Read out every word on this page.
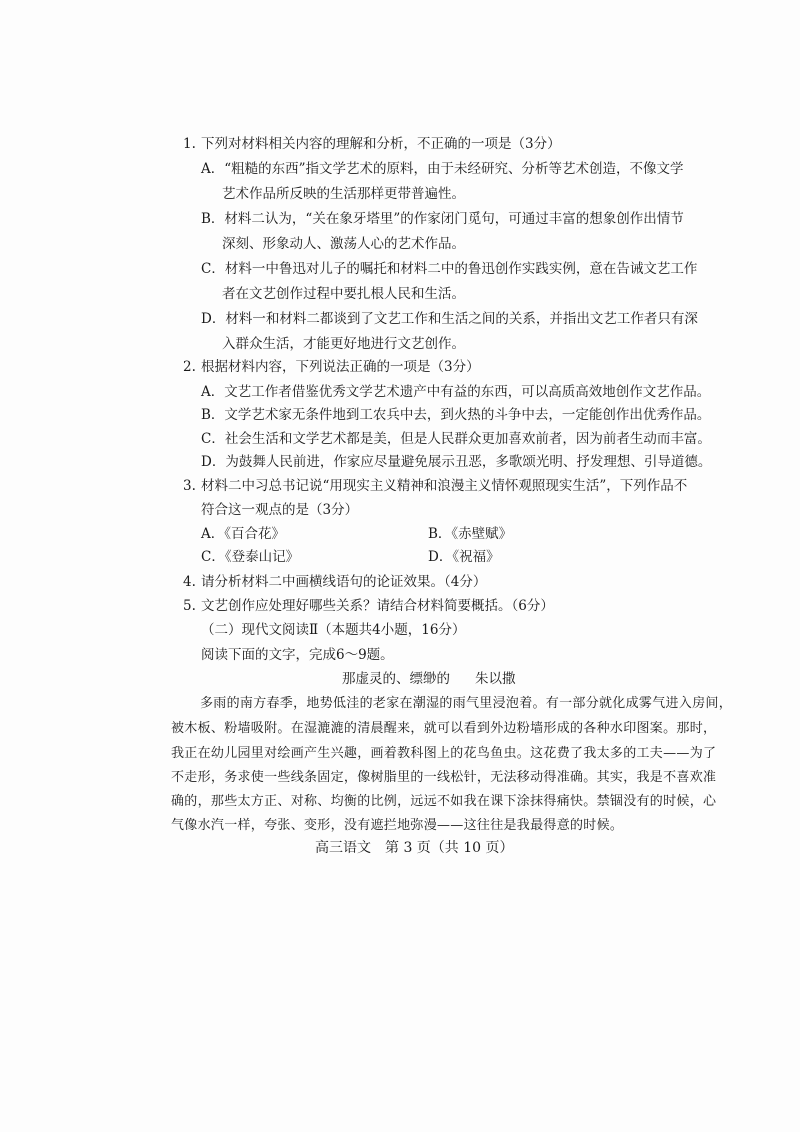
1. 下列对材料相关内容的理解和分析，不正确的一项是（3分）
A．“粗糙的东西”指文学艺术的原料，由于未经研究、分析等艺术创造，不像文学
艺术作品所反映的生活那样更带普遍性。
B．材料二认为，“关在象牙塔里”的作家闭门觅句，可通过丰富的想象创作出情节
深刻、形象动人、激荡人心的艺术作品。
C．材料一中鲁迅对儿子的嘱托和材料二中的鲁迅创作实践实例，意在告诫文艺工作
者在文艺创作过程中要扎根人民和生活。
D．材料一和材料二都谈到了文艺工作和生活之间的关系，并指出文艺工作者只有深
入群众生活，才能更好地进行文艺创作。
2. 根据材料内容，下列说法正确的一项是（3分）
A．文艺工作者借鉴优秀文学艺术遗产中有益的东西，可以高质高效地创作文艺作品。
B．文学艺术家无条件地到工农兵中去，到火热的斗争中去，一定能创作出优秀作品。
C．社会生活和文学艺术都是美，但是人民群众更加喜欢前者，因为前者生动而丰富。
D．为鼓舞人民前进，作家应尽量避免展示丑恶，多歌颂光明、抒发理想、引导道德。
3. 材料二中习总书记说“用现实主义精神和浪漫主义情怀观照现实生活”，下列作品不
符合这一观点的是（3分）
A．《百合花》	B．《赤壁赋》
C．《登泰山记》	D．《祝福》
4. 请分析材料二中画横线语句的论证效果。（4分）
5. 文艺创作应处理好哪些关系？请结合材料简要概括。（6分）
（二）现代文阅读Ⅱ（本题共4小题，16分）
阅读下面的文字，完成6～9题。
那虚灵的、缥缈的 朱以撒
多雨的南方春季，地势低洼的老家在潮湿的雨气里浸泡着。有一部分就化成雾气进入房间，
被木板、粉墙吸附。在湿漉漉的清晨醒来，就可以看到外边粉墙形成的各种水印图案。那时，
我正在幼儿园里对绘画产生兴趣，画着教科图上的花鸟鱼虫。这花费了我太多的工夫——为了
不走形，务求使一些线条固定，像树脂里的一线松针，无法移动得准确。其实，我是不喜欢准
确的，那些太方正、对称、均衡的比例，远远不如我在课下涂抹得痛快。禁锢没有的时候，心
气像水汽一样，夸张、变形，没有遮拦地弥漫——这往往是我最得意的时候。
高三语文　第 3 页（共 10 页）
